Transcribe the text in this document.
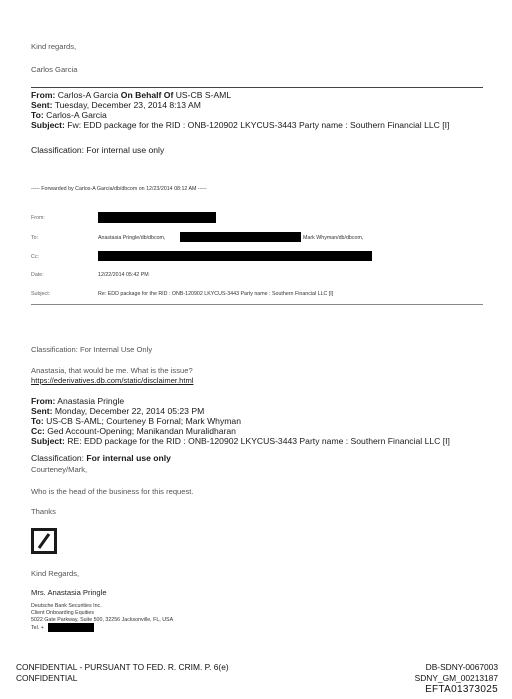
Kind regards,
Carlos Garcia
From: Carlos-A Garcia On Behalf Of US-CB S-AML
Sent: Tuesday, December 23, 2014 8:13 AM
To: Carlos-A Garcia
Subject: Fw: EDD package for the RID : ONB-120902 LKYCUS-3443 Party name : Southern Financial LLC [I]
Classification: For internal use only
----- Forwarded by Carlos-A Garcia/db/dbcom on 12/23/2014 08:12 AM -----
From:
To:	Anastasia Pringle/db/dbcom,	Mark Whyman/db/dbcom,
Cc:
Date:	12/22/2014 05:42 PM
Subject:	Re: EDD package for the RID : ONB-120902 LKYCUS-3443 Party name : Southern Financial LLC [I]
Classification: For Internal Use Only
Anastasia, that would be me. What is the issue?
https://ederivatives.db.com/static/disclaimer.html
From: Anastasia Pringle
Sent: Monday, December 22, 2014 05:23 PM
To: US-CB S-AML; Courteney B Fornal; Mark Whyman
Cc: Ged Account-Opening; Manikandan Muralidharan
Subject: RE: EDD package for the RID : ONB-120902 LKYCUS-3443 Party name : Southern Financial LLC [I]
Classification: For internal use only
Courteney/Mark,
Who is the head of the business for this request.
Thanks
Kind Regards,
Mrs. Anastasia Pringle
Deutsche Bank Securities Inc.
Client Onboarding Equities
5022 Gate Parkway, Suite 500, 32256 Jacksonville, FL, USA
Tel. +
CONFIDENTIAL - PURSUANT TO FED. R. CRIM. P. 6(e)
CONFIDENTIAL
DB-SDNY-0067003
SDNY_GM_00213187
EFTA01373025
